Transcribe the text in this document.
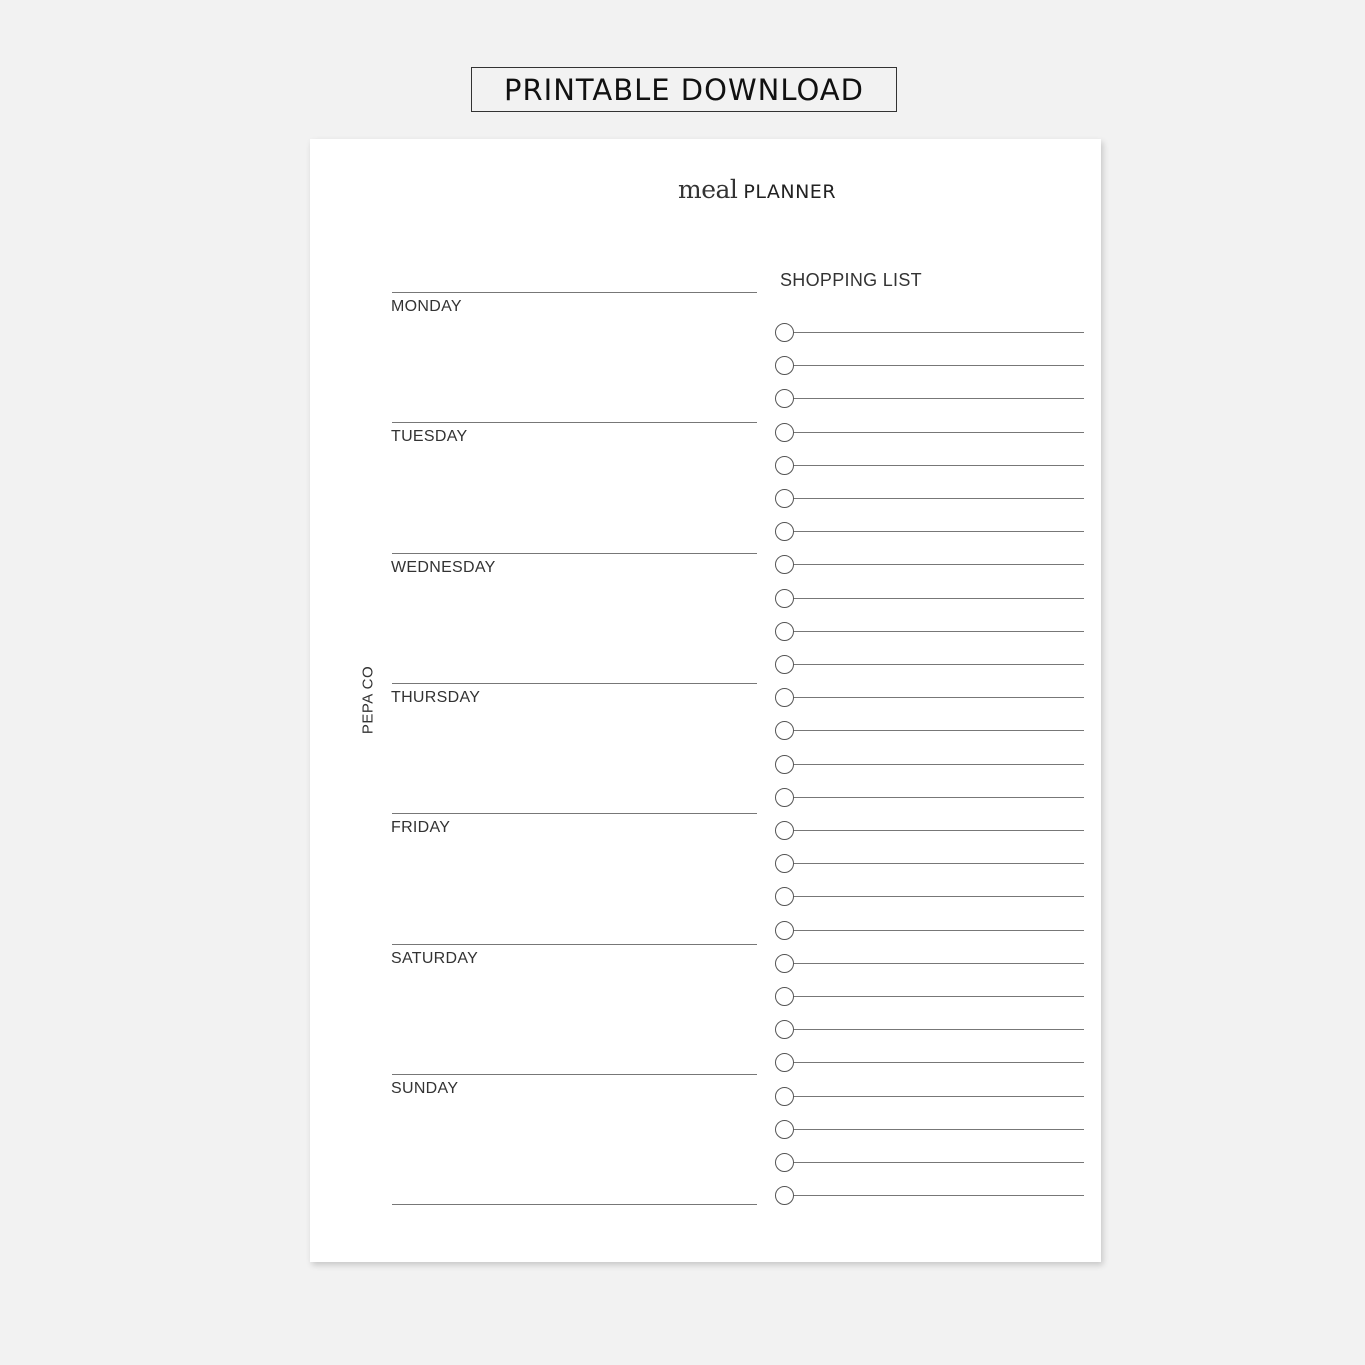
PRINTABLE DOWNLOAD
meal PLANNER
PEPA CO
MONDAY
TUESDAY
WEDNESDAY
THURSDAY
FRIDAY
SATURDAY
SUNDAY
SHOPPING LIST
